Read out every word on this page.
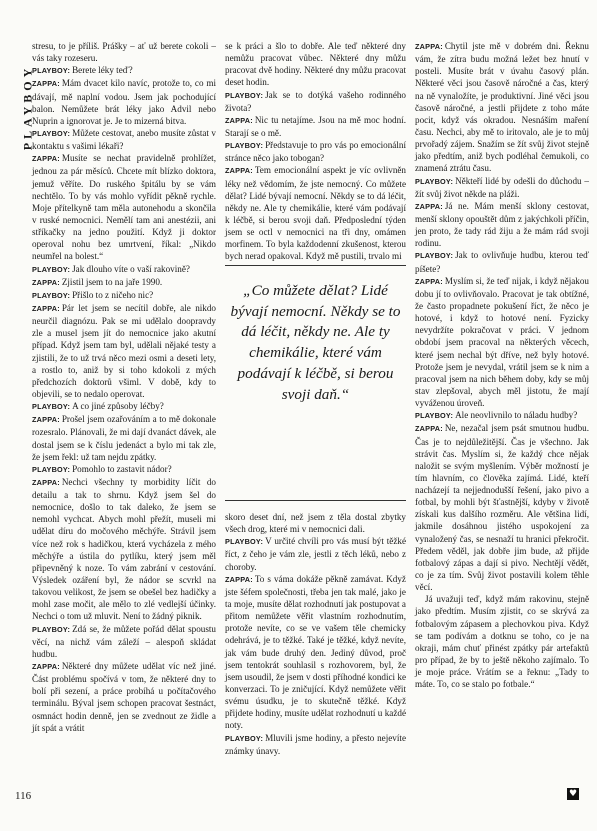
PLAYBOY
116

stresu, to je příliš. Prášky – ať už berete cokoli – vás taky rozeseru.

PLAYBOY: Berete léky teď?

ZAPPA: Mám dvacet kilo navíc, protože to, co mi dávají, mě naplní vodou. Jsem jak pochodující balon. Nemůžete brát léky jako Advil nebo Nuprin a ignorovat je. Je to mizerná bitva.

PLAYBOY: Můžete cestovat, anebo musíte zůstat v kontaktu s vašimi lékaři?

ZAPPA: Musíte se nechat pravidelně prohlížet, jednou za pár měsíců. Chcete mít blízko doktora, jemuž věříte. Do ruského špitálu by se vám nechtělo. To by vás mohlo vyřídit pěkně rychle. Moje přítelkyně tam měla autonehodu a skončila v ruské nemocnici. Nemělí tam ani anestézii, ani stříkačky na jedno použití. Když ji doktor operoval nohu bez umrtvení, říkal: „Nikdo neumřel na bolest.“

PLAYBOY: Jak dlouho víte o vaší rakovině?

ZAPPA: Zjistil jsem to na jaře 1990.

PLAYBOY: Přišlo to z ničeho nic?

ZAPPA: Pár let jsem se necítil dobře, ale nikdo neurčil diagnózu. Pak se mi udělalo doopravdy zle a musel jsem jít do nemocnice jako akutní případ. Když jsem tam byl, udělali nějaké testy a zjistili, že to už trvá něco mezi osmi a deseti lety, a rostlo to, aniž by si toho kdokoli z mých předchozích doktorů všiml. V době, kdy to objevili, se to nedalo operovat.

PLAYBOY: A co jiné způsoby léčby?

ZAPPA: Prošel jsem ozařováním a to mě dokonale rozesralo. Plánovali, že mi dají dvanáct dávek, ale dostal jsem se k číslu jedenáct a bylo mi tak zle, že jsem řekl: už tam nejdu zpátky.

PLAYBOY: Pomohlo to zastavit nádor?

ZAPPA: Nechci všechny ty morbidity líčit do detailu a tak to shrnu. Když jsem šel do nemocnice, došlo to tak daleko, že jsem se nemohl vychcat. Abych mohl přežít, museli mi udělat díru do močového měchýře. Strávil jsem více než rok s hadičkou, která vycházela z mého měchýře a ústila do pytlíku, který jsem měl připevněný k noze. To vám zabrání v cestování. Výsledek ozáření byl, že nádor se scvrkl na takovou velikost, že jsem se obešel bez hadičky a mohl zase močit, ale mělo to zlé vedlejší účinky. Nechci o tom už mluvit. Není to žádný piknik.

PLAYBOY: Zdá se, že můžete pořád dělat spoustu věcí, na nichž vám záleží – alespoň skládat hudbu.

ZAPPA: Některé dny můžete udělat víc než jiné. Část problému spočívá v tom, že některé dny to bolí při sezení, a práce probíhá u počítačového terminálu. Býval jsem schopen pracovat šestnáct, osmnáct hodin denně, jen se zvednout ze židle a jít spát a vrátit

se k práci a šlo to dobře. Ale teď některé dny nemůžu pracovat vůbec. Některé dny můžu pracovat dvě hodiny. Některé dny můžu pracovat deset hodin.

PLAYBOY: Jak se to dotýká vašeho rodinného života?

ZAPPA: Nic tu netajíme. Jsou na mě moc hodní. Starají se o mě.

PLAYBOY: Představuje to pro vás po emocionální stránce něco jako tobogan?

ZAPPA: Tem emocionální aspekt je víc ovlivněn léky než vědomím, že jste nemocný. Co můžete dělat? Lidé bývají nemocní. Někdy se to dá léčit, někdy ne. Ale ty chemikálie, které vám podávají k léčbě, si berou svoji daň. Předposlední týden jsem se octl v nemocnici na tři dny, omámen morfinem. To byla každodenní zkušenost, kterou bych nerad opakoval. Když mě pustili, trvalo mi

„Co můžete dělat? Lidé bývají nemocní. Někdy se to dá léčit, někdy ne. Ale ty chemikálie, které vám podávají k léčbě, si berou svoji daň.“

skoro deset dní, než jsem z těla dostal zbytky všech drog, které mi v nemocnici dali.

PLAYBOY: V určité chvíli pro vás musí být těžké říct, z čeho je vám zle, jestli z těch léků, nebo z choroby.

ZAPPA: To s vámа dokáže pěkně zamávat. Když jste šéfem společnosti, třeba jen tak malé, jako je ta moje, musíte dělat rozhodnutí jak postupovat a přitom nemůžete věřit vlastním rozhodnutím, protože nevíte, co se ve vašem těle chemicky odehrává, je to těžké. Také je těžké, když nevíte, jak vám bude druhý den. Jediný důvod, proč jsem tentokrát souhlasil s rozhovorem, byl, že jsem usoudil, že jsem v dosti příhodné kondici ke konverzaci. To je zničující. Když nemůžete věřit svému úsudku, je to skutečně těžké. Když přijdete hodiny, musíte udělat rozhodnutí u každé noty.

PLAYBOY: Mluvili jsme hodiny, a přesto nejevíte známky únavy.

ZAPPA: Chytil jste mě v dobrém dni. Řeknu vám, že zítra budu možná ležet bez hnutí v posteli. Musíte brát v úvahu časový plán. Některé věci jsou časově náročné a čas, který na ně vynaložíte, je produktivní. Jiné věci jsou časově náročné, a jestli přijdete z toho máte pocit, když vás okradou. Nesnáším maření času. Nechci, aby mě to iritovalo, ale je to můj prvořadý zájem. Snažím se žít svůj život stejně jako předtím, aniž bych podléhal čemukoli, co znamená ztrátu času.

PLAYBOY: Někteří lidé by odešli do důchodu – žít svůj život někde na pláži.

ZAPPA: Já ne. Mám menší sklony cestovat, menší sklony opouštět dům z jakýchkoli příčin, jen proto, že tady rád žiju a že mám rád svoji rodinu.

PLAYBOY: Jak to ovlivňuje hudbu, kterou teď píšete?

ZAPPA: Myslím si, že teď nijak, i když nějakou dobu jí to ovlivňovalo. Pracovat je tak obtížné, že často propadnete pokušení říct, že něco je hotové, i když to hotové není. Fyzicky nevydržíte pokračovat v práci. V jednom období jsem pracoval na některých věcech, které jsem nechal být dříve, než byly hotové. Protože jsem je nevydal, vrátil jsem se k nim a pracoval jsem na nich během doby, kdy se můj stav zlepšoval, abych měl jistotu, že mají vyváženou úroveň.

PLAYBOY: Ale neovlivnilo to náladu hudby?

ZAPPA: Ne, nezačal jsem psát smutnou hudbu. Čas je to nejdůležitější. Čas je všechno. Jak strávit čas. Myslím si, že každý chce nějak naložit se svým myšlením. Výběr možností je tím hlavním, co člověka zajímá. Lidé, kteří nacházejí ta nejjednodušší řešení, jako pivo a fotbal, by mohli být šťastnější, kdyby v životě získali kus dalšího rozměru. Ale většina lidí, jakmile dosáhnou jistého uspokojení za vynaložený čas, se nesnaží tu hranici překročit. Předem věděl, jak dobře jim bude, až přijde fotbalový zápas a dají si pivo. Nechtějí vědět, co je za tím. Svůj život postavili kolem těhle věcí.

Já uvažuji teď, když mám rakovinu, stejně jako předtím. Musím zjistit, co se skrývá za fotbalovým zápasem a plechovkou piva. Když se tam podívám a dotknu se toho, co je na okraji, mám chuť přinést zpátky pár artefaktů pro případ, že by to ještě někoho zajímalo. To je moje práce. Vrátím se a řeknu: „Tady to máte. To, co se stalo po fotbale.“

♥
